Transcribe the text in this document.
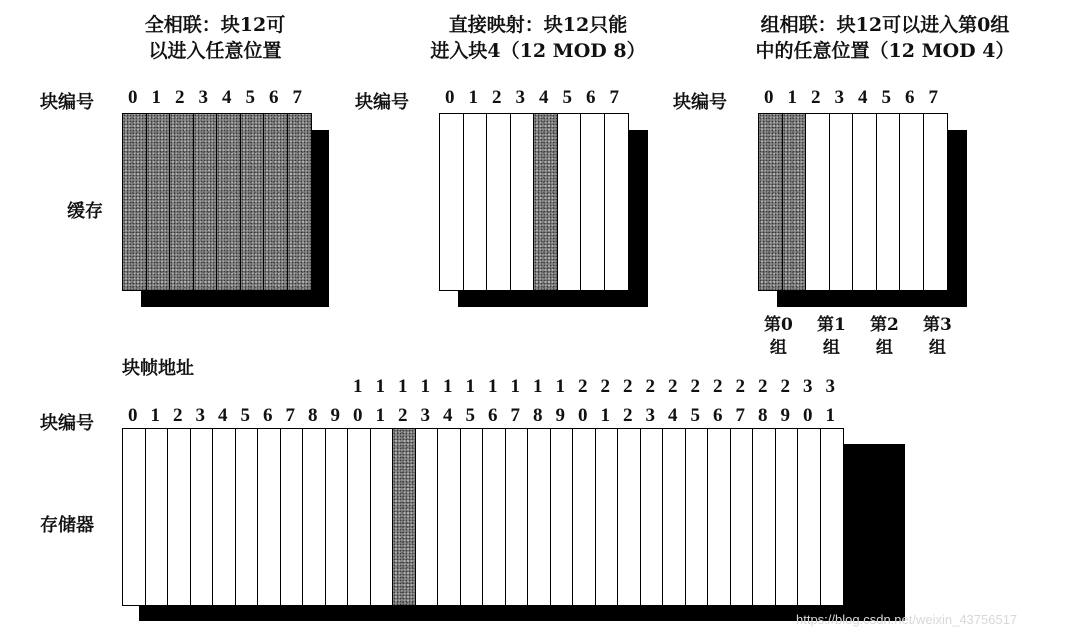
全相联：块12可
以进入任意位置
直接映射：块12只能
进入块4（12 MOD 8）
组相联：块12可以进入第0组
中的任意位置（12 MOD 4）
块编号	块编号	块编号
缓存
块帧地址
块编号
存储器
https://blog.csdn.net/weixin_43756517
0 1 2 3 4 5 6 7	0 1 2 3 4 5 6 7	0 1 2 3 4 5 6 7
第0
组
第1
组
第2
组
第3
组
0 1 2 3 4 5 6 7 8 9
1
0
1
1
1
2
1
3
1
4
1
5
1
6
1
7
1
8
1
9
2
0
2
1
2
2
2
3
2
4
2
5
2
6
2
7
2
8
2
9
3
0
3
1
